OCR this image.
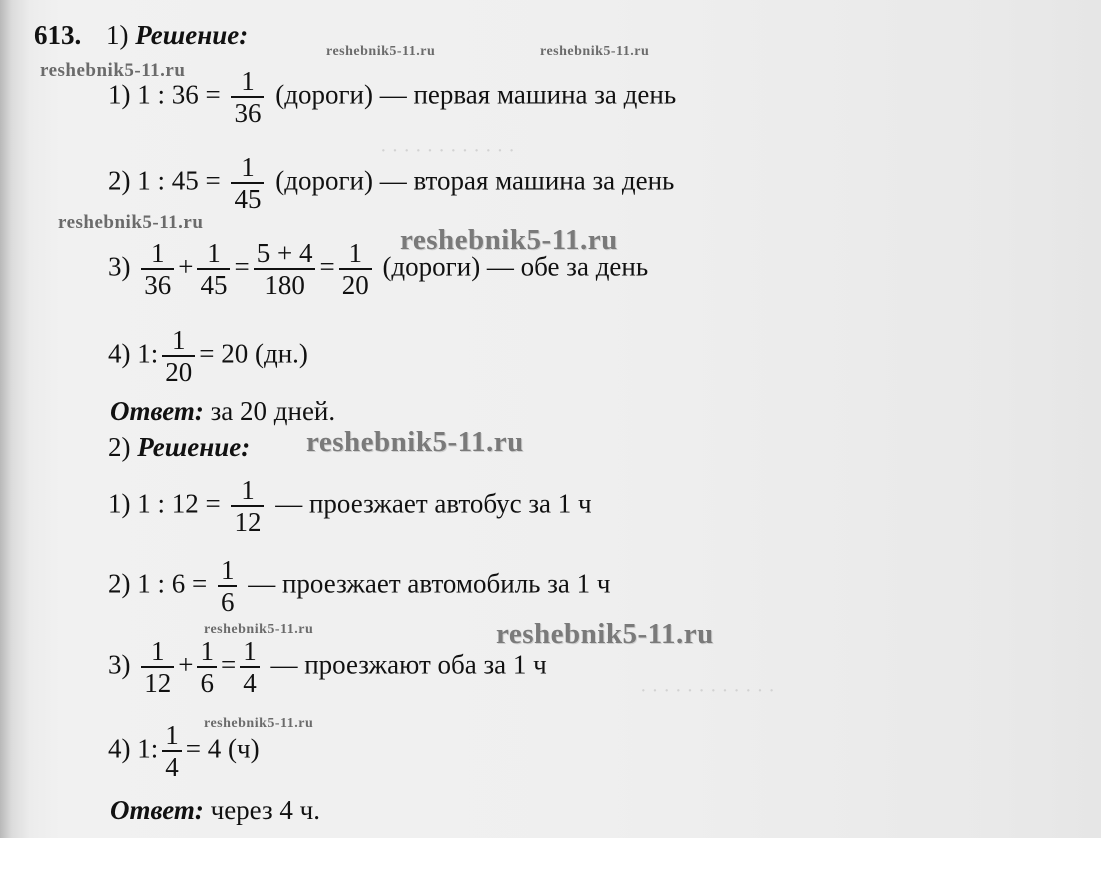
· · · · · · · · · · · ·
· · · · · · · · · · · ·
613. 1) Решение:
1) 1 : $36 = \frac{1}{36}$ (дороги) — первая машина за день
2) 1 : $45 = \frac{1}{45}$ (дороги) — вторая машина за день
$3) \frac{1}{36} + \frac{1}{45} = \frac{5 + 4}{180} = \frac{1}{20}$ (дороги) — обе за день
4) 1: $\frac{1}{20} = 20$ (дн.)
Ответ: за 20 дней.
2) Решение:
1) 1 : $12 = \frac{1}{12}$ — проезжает автобус за 1 ч
2) 1 : $6 = \frac{1}{6}$ — проезжает автомобиль за 1 ч
$3) \frac{1}{12} + \frac{1}{6} = \frac{1}{4}$ — проезжают оба за 1 ч
4) 1: $\frac{1}{4} = 4$ (ч)
Ответ: через 4 ч.
reshebnik5-11.ru	reshebnik5-11.ru
reshebnik5-11.ru
reshebnik5-11.ru
reshebnik5-11.ru
reshebnik5-11.ru
reshebnik5-11.ru	reshebnik5-11.ru
reshebnik5-11.ru
